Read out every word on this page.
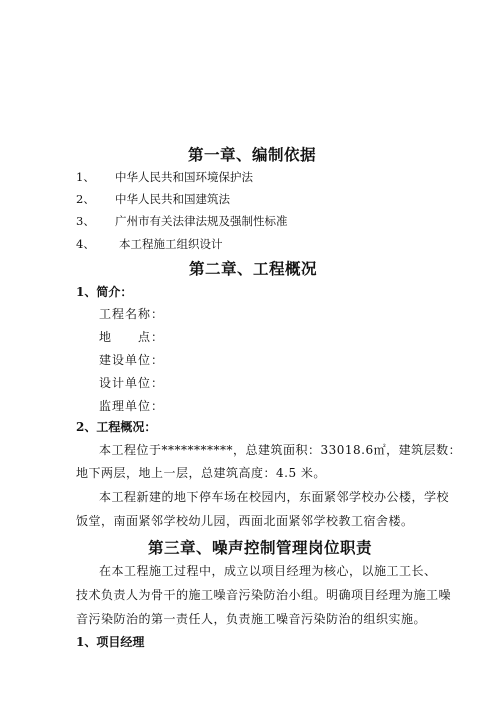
第一章、编制依据
1、 中华人民共和国环境保护法
2、 中华人民共和国建筑法
3、 广州市有关法律法规及强制性标准
4、 本工程施工组织设计
第二章、工程概况
1、简介：
工程名称：
地　　点：
建设单位：
设计单位：
监理单位：
2、工程概况：
本工程位于***********，总建筑面积：33018.6㎡，建筑层数：
地下两层，地上一层，总建筑高度：4.5 米。
本工程新建的地下停车场在校园内，东面紧邻学校办公楼，学校
饭堂，南面紧邻学校幼儿园，西面北面紧邻学校教工宿舍楼。
第三章、噪声控制管理岗位职责
在本工程施工过程中，成立以项目经理为核心，以施工工长、
技术负责人为骨干的施工噪音污染防治小组。明确项目经理为施工噪
音污染防治的第一责任人，负责施工噪音污染防治的组织实施。
1、项目经理
